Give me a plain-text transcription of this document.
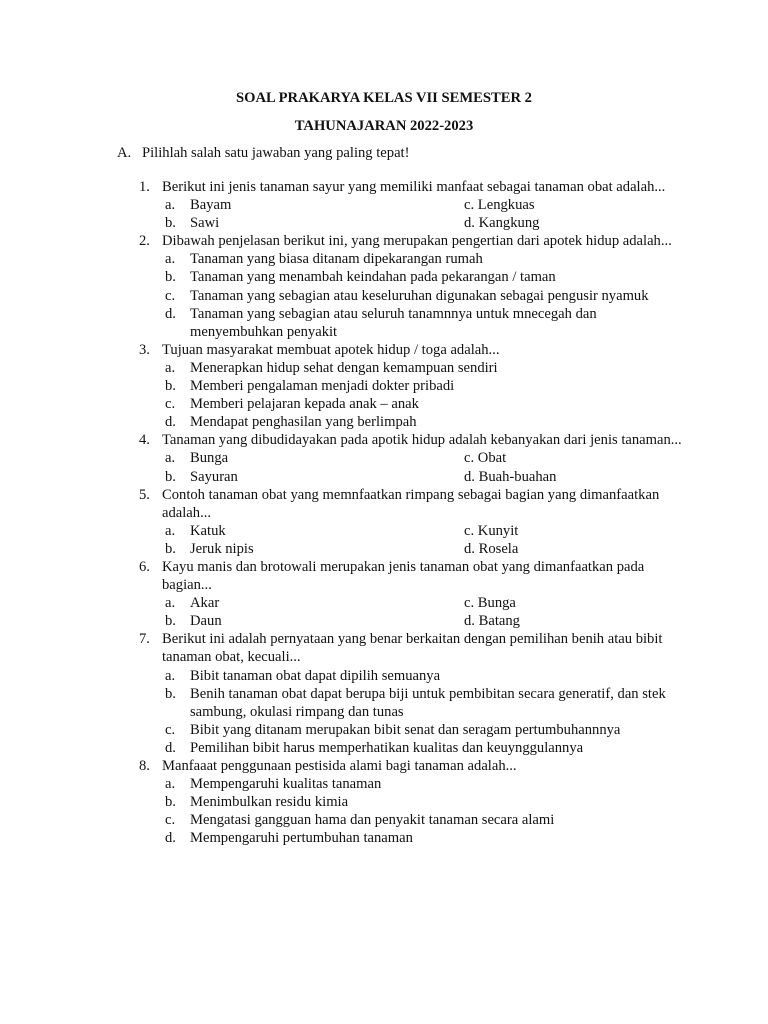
SOAL PRAKARYA KELAS VII SEMESTER 2
TAHUNAJARAN 2022-2023
A. Pilihlah salah satu jawaban yang paling tepat!
1. Berikut ini jenis tanaman sayur yang memiliki manfaat sebagai tanaman obat adalah...
a. Bayam	c. Lengkuas
b. Sawi	d. Kangkung
2. Dibawah penjelasan berikut ini, yang merupakan pengertian dari apotek hidup adalah...
a. Tanaman yang biasa ditanam dipekarangan rumah
b. Tanaman yang menambah keindahan pada pekarangan / taman
c. Tanaman yang sebagian atau keseluruhan digunakan sebagai pengusir nyamuk
d. Tanaman yang sebagian atau seluruh tanamnnya untuk mnecegah dan menyembuhkan penyakit
3. Tujuan masyarakat membuat apotek hidup / toga adalah...
a. Menerapkan hidup sehat dengan kemampuan sendiri
b. Memberi pengalaman menjadi dokter pribadi
c. Memberi pelajaran kepada anak – anak
d. Mendapat penghasilan yang berlimpah
4. Tanaman yang dibudidayakan pada apotik hidup adalah kebanyakan dari jenis tanaman...
a. Bunga	c. Obat
b. Sayuran	d. Buah-buahan
5. Contoh tanaman obat yang memnfaatkan rimpang sebagai bagian yang dimanfaatkan adalah...
a. Katuk	c. Kunyit
b. Jeruk nipis	d. Rosela
6. Kayu manis dan brotowali merupakan jenis tanaman obat yang dimanfaatkan pada bagian...
a. Akar	c. Bunga
b. Daun	d. Batang
7. Berikut ini adalah pernyataan yang benar berkaitan dengan pemilihan benih atau bibit tanaman obat, kecuali...
a. Bibit tanaman obat dapat dipilih semuanya
b. Benih tanaman obat dapat berupa biji untuk pembibitan secara generatif, dan stek sambung, okulasi rimpang dan tunas
c. Bibit yang ditanam merupakan bibit senat dan seragam pertumbuhannnya
d. Pemilihan bibit harus memperhatikan kualitas dan keuynggulannya
8. Manfaaat penggunaan pestisida alami bagi tanaman adalah...
a. Mempengaruhi kualitas tanaman
b. Menimbulkan residu kimia
c. Mengatasi gangguan hama dan penyakit tanaman secara alami
d. Mempengaruhi pertumbuhan tanaman
